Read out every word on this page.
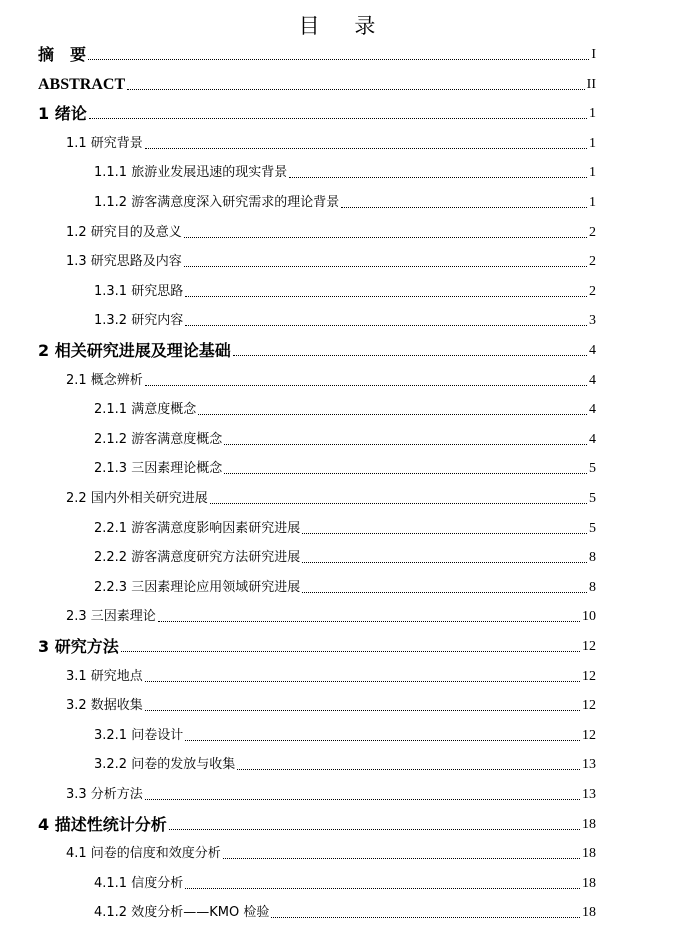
目 录
摘　要	I
ABSTRACT	II
1 绪论	1
1.1 研究背景	1
1.1.1 旅游业发展迅速的现实背景	1
1.1.2 游客满意度深入研究需求的理论背景	1
1.2 研究目的及意义	2
1.3 研究思路及内容	2
1.3.1 研究思路	2
1.3.2 研究内容	3
2 相关研究进展及理论基础	4
2.1 概念辨析	4
2.1.1 满意度概念	4
2.1.2 游客满意度概念	4
2.1.3 三因素理论概念	5
2.2 国内外相关研究进展	5
2.2.1 游客满意度影响因素研究进展	5
2.2.2 游客满意度研究方法研究进展	8
2.2.3 三因素理论应用领域研究进展	8
2.3 三因素理论	10
3 研究方法	12
3.1 研究地点	12
3.2 数据收集	12
3.2.1 问卷设计	12
3.2.2 问卷的发放与收集	13
3.3 分析方法	13
4 描述性统计分析	18
4.1 问卷的信度和效度分析	18
4.1.1 信度分析	18
4.1.2 效度分析——KMO 检验	18
